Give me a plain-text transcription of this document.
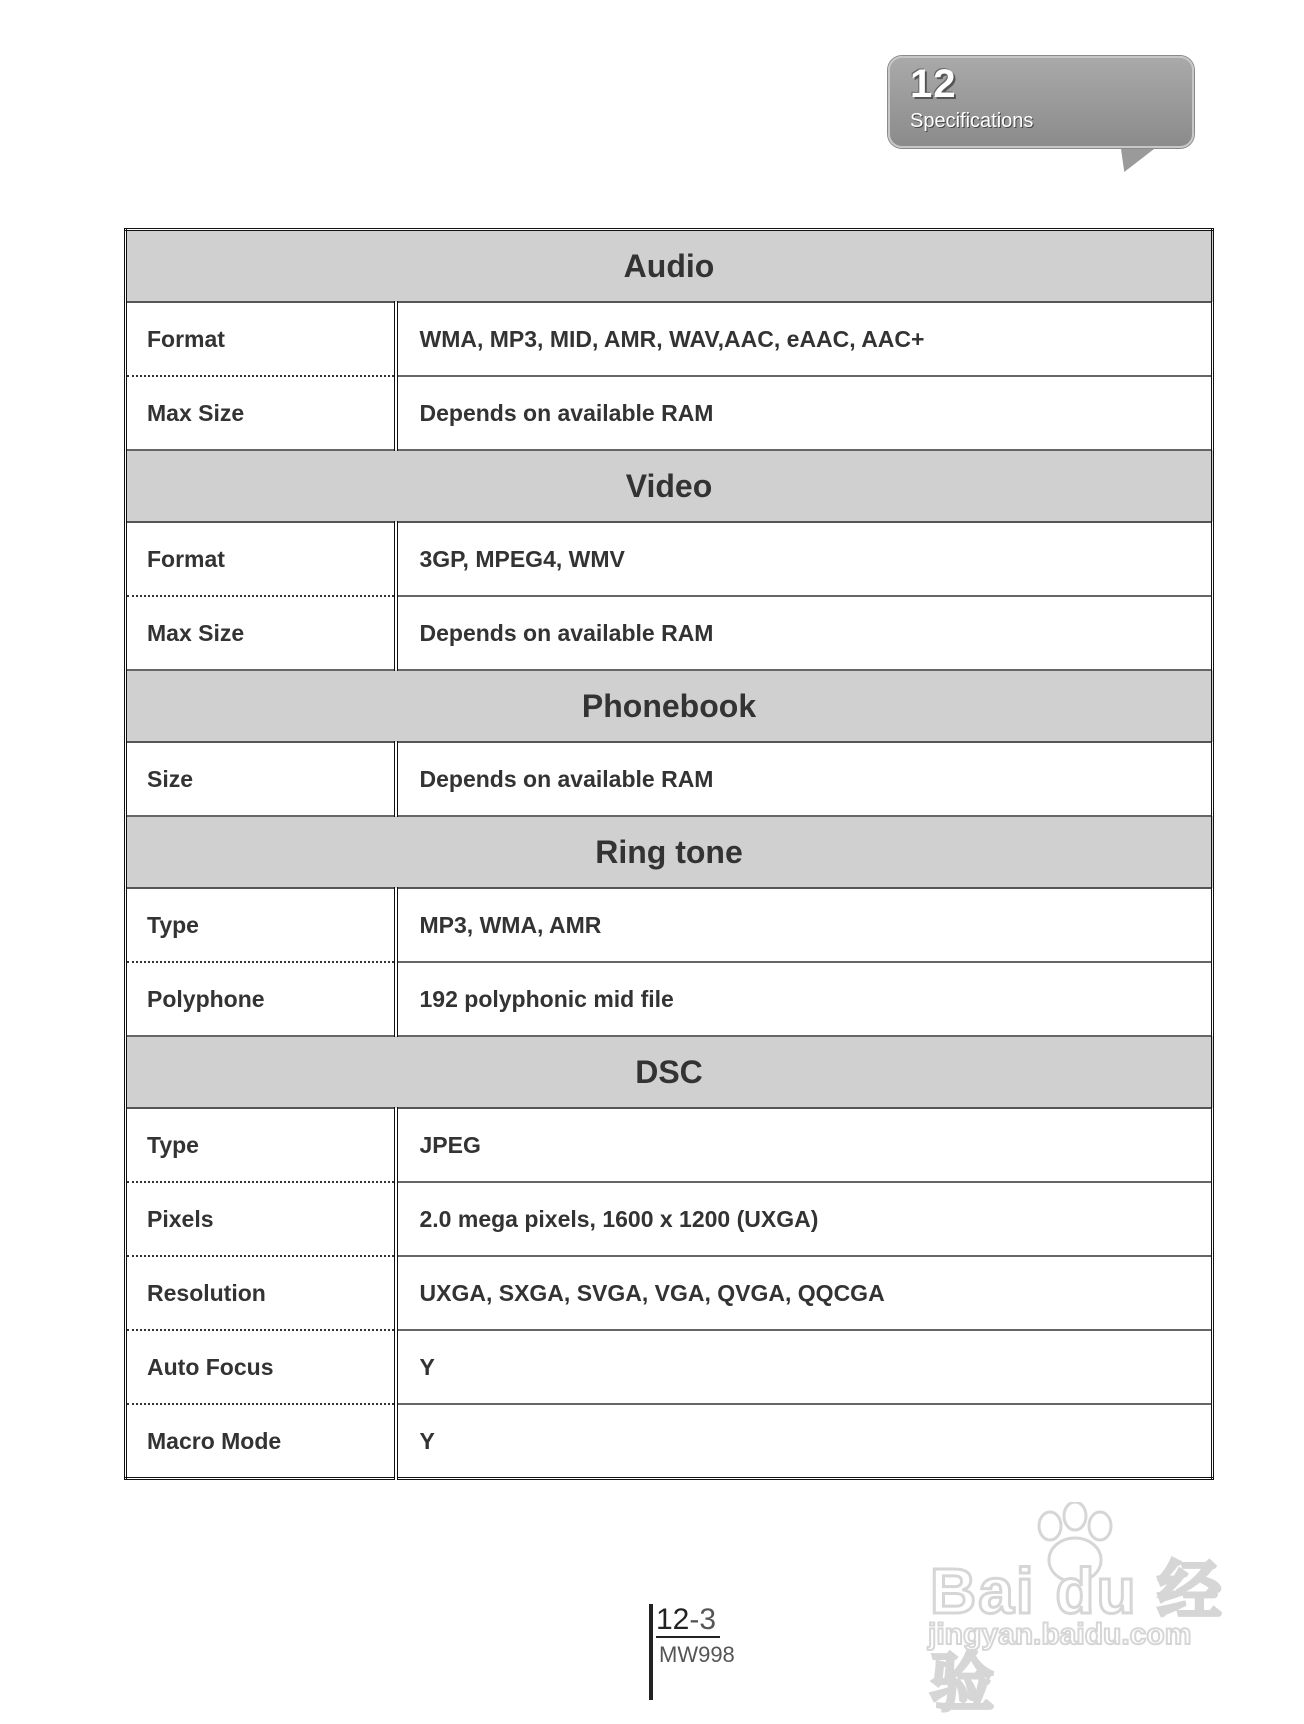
12
Specifications
Audio	
Format	WMA, MP3, MID, AMR, WAV,AAC, eAAC, AAC+
Max Size	Depends on available RAM
Video	
Format	3GP, MPEG4, WMV
Max Size	Depends on available RAM
Phonebook	
Size	Depends on available RAM
Ring tone	
Type	MP3, WMA, AMR
Polyphone	192 polyphonic mid file
DSC	
Type	JPEG
Pixels	2.0 mega pixels, 1600 x 1200 (UXGA)
Resolution	UXGA, SXGA, SVGA, VGA, QVGA, QQCGA
Auto Focus	Y
Macro Mode	Y
12-3
MW998
Bai du 经验
jingyan.baidu.com
